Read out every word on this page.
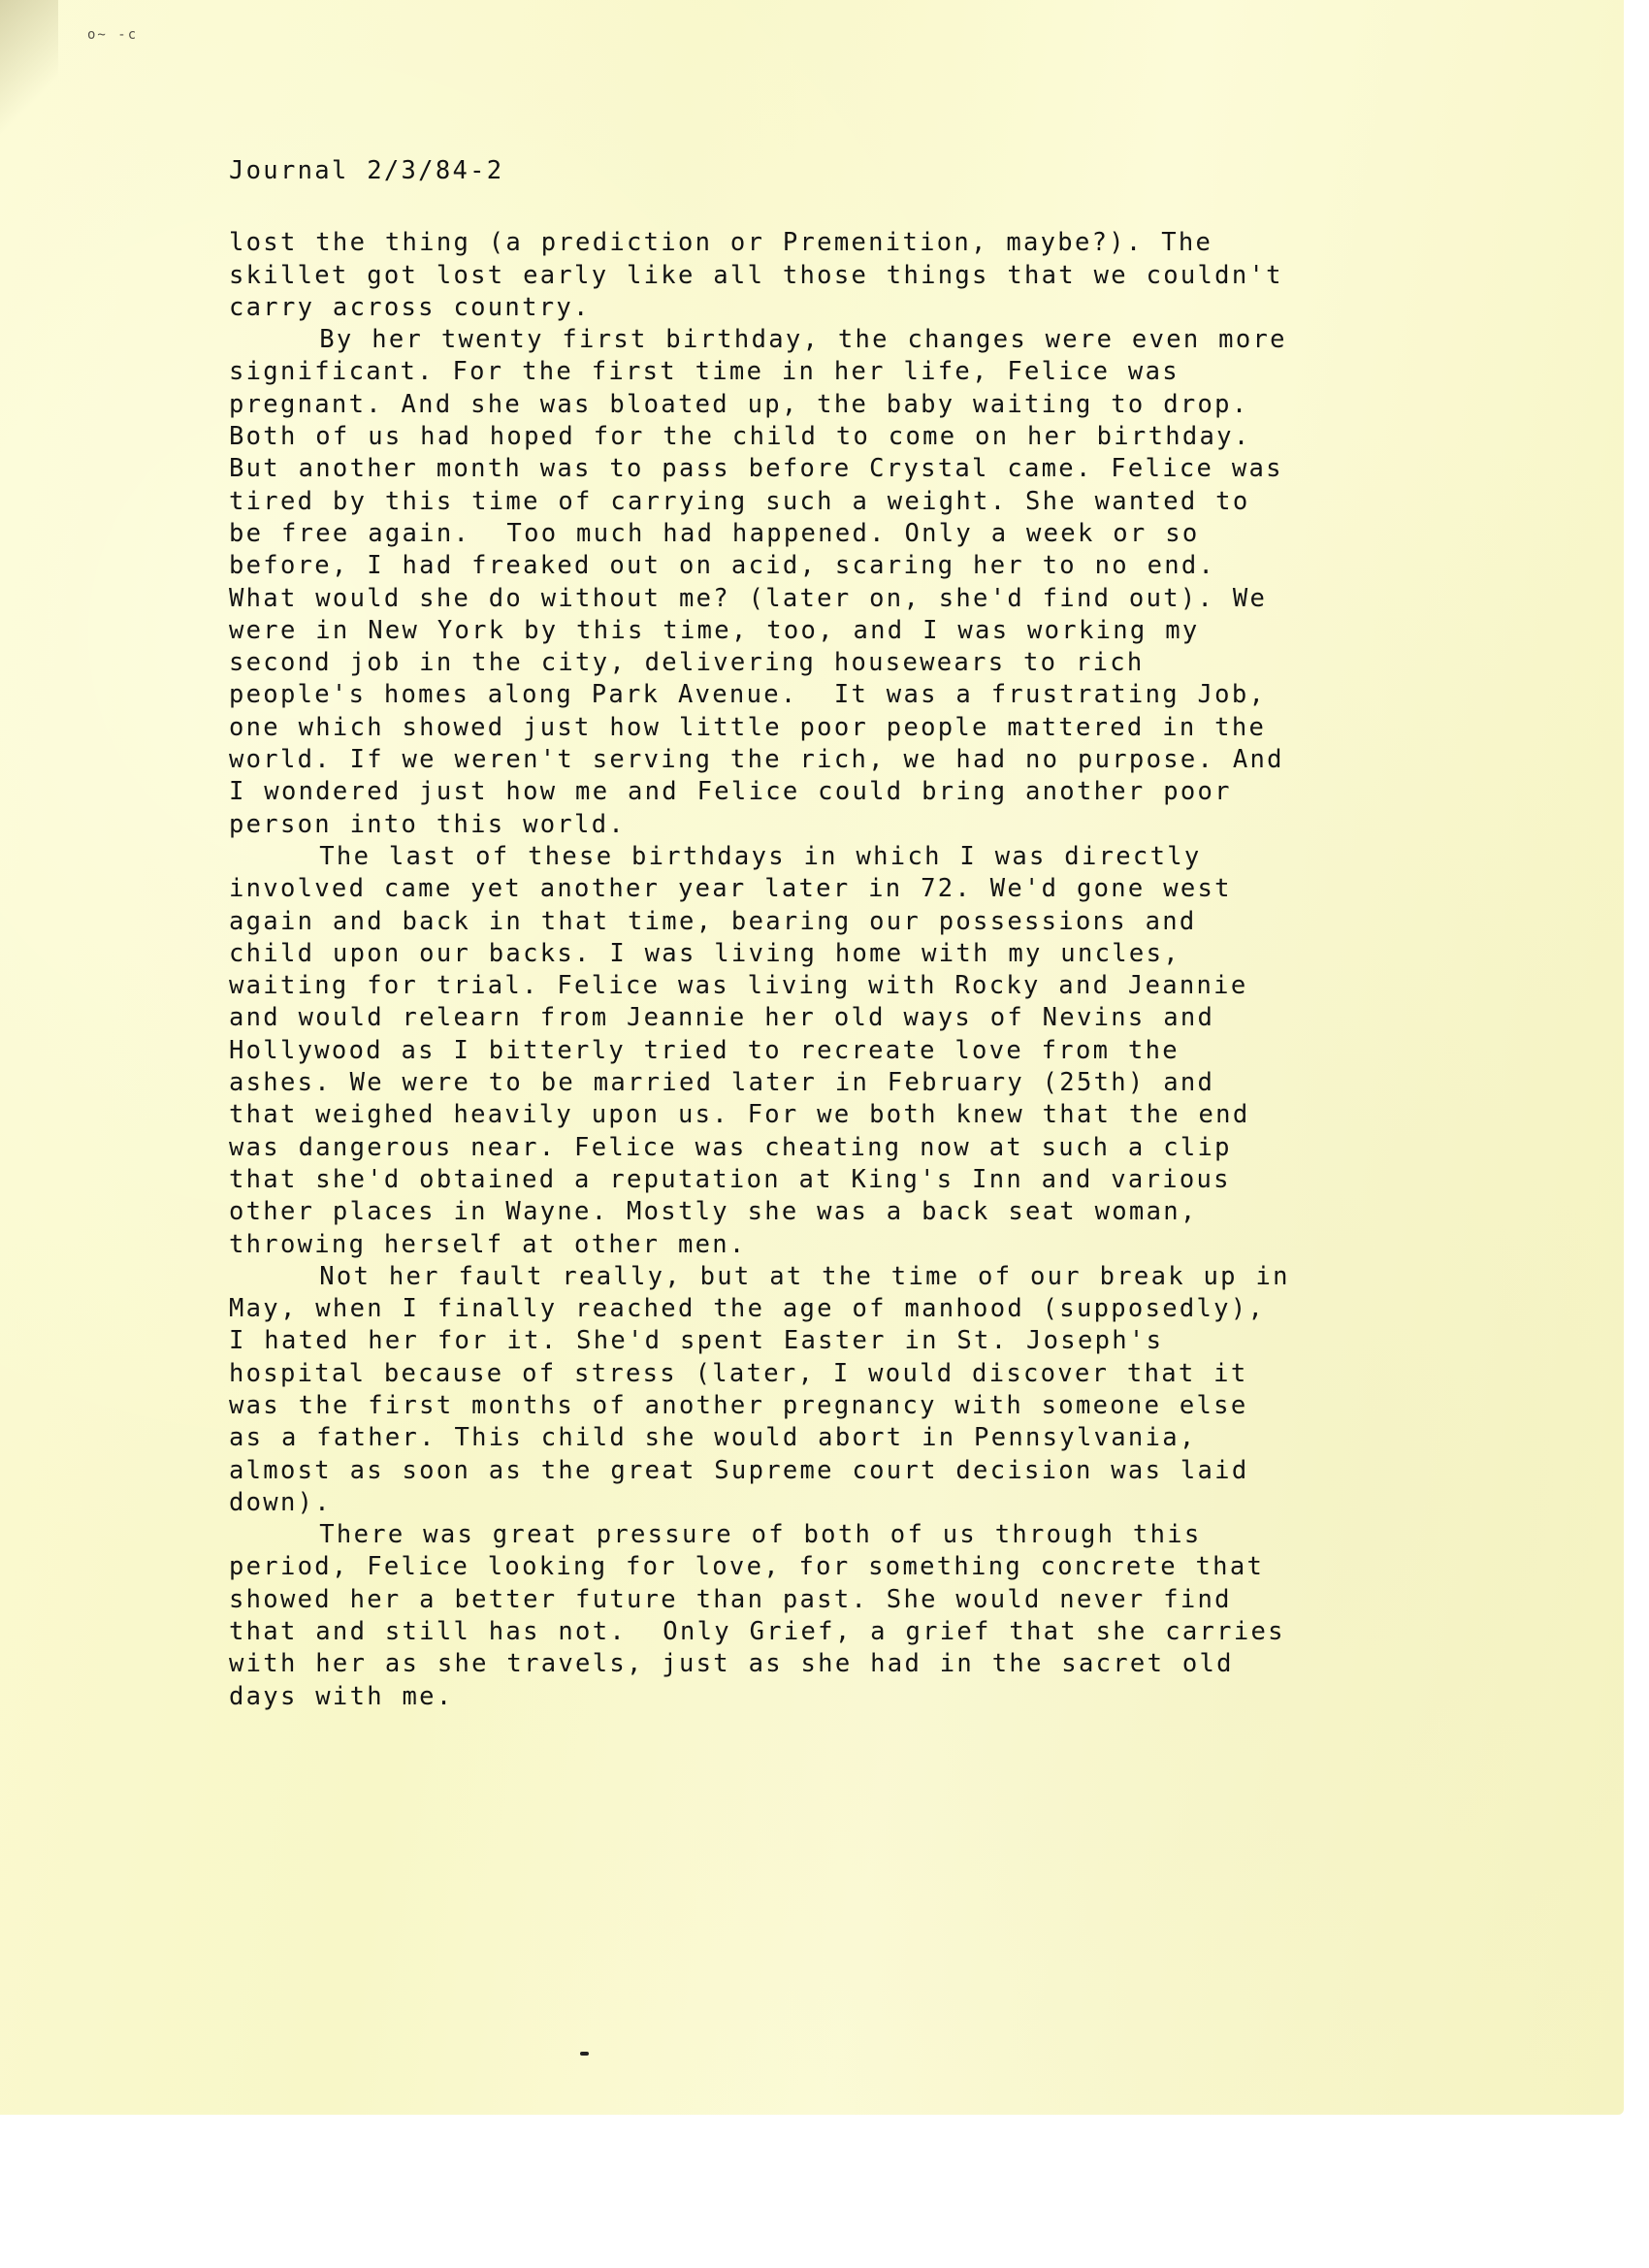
o~ -c
Journal 2/3/84-2
lost the thing (a prediction or Premenition, maybe?). The
skillet got lost early like all those things that we couldn't
carry across country.
By her twenty first birthday, the changes were even more
significant. For the first time in her life, Felice was
pregnant. And she was bloated up, the baby waiting to drop.
Both of us had hoped for the child to come on her birthday.
But another month was to pass before Crystal came. Felice was
tired by this time of carrying such a weight. She wanted to
be free again.  Too much had happened. Only a week or so
before, I had freaked out on acid, scaring her to no end.
What would she do without me? (later on, she'd find out). We
were in New York by this time, too, and I was working my
second job in the city, delivering housewears to rich
people's homes along Park Avenue.  It was a frustrating Job,
one which showed just how little poor people mattered in the
world. If we weren't serving the rich, we had no purpose. And
I wondered just how me and Felice could bring another poor
person into this world.
The last of these birthdays in which I was directly
involved came yet another year later in 72. We'd gone west
again and back in that time, bearing our possessions and
child upon our backs. I was living home with my uncles,
waiting for trial. Felice was living with Rocky and Jeannie
and would relearn from Jeannie her old ways of Nevins and
Hollywood as I bitterly tried to recreate love from the
ashes. We were to be married later in February (25th) and
that weighed heavily upon us. For we both knew that the end
was dangerous near. Felice was cheating now at such a clip
that she'd obtained a reputation at King's Inn and various
other places in Wayne. Mostly she was a back seat woman,
throwing herself at other men.
Not her fault really, but at the time of our break up in
May, when I finally reached the age of manhood (supposedly),
I hated her for it. She'd spent Easter in St. Joseph's
hospital because of stress (later, I would discover that it
was the first months of another pregnancy with someone else
as a father. This child she would abort in Pennsylvania,
almost as soon as the great Supreme court decision was laid
down).
There was great pressure of both of us through this
period, Felice looking for love, for something concrete that
showed her a better future than past. She would never find
that and still has not.  Only Grief, a grief that she carries
with her as she travels, just as she had in the sacret old
days with me.
